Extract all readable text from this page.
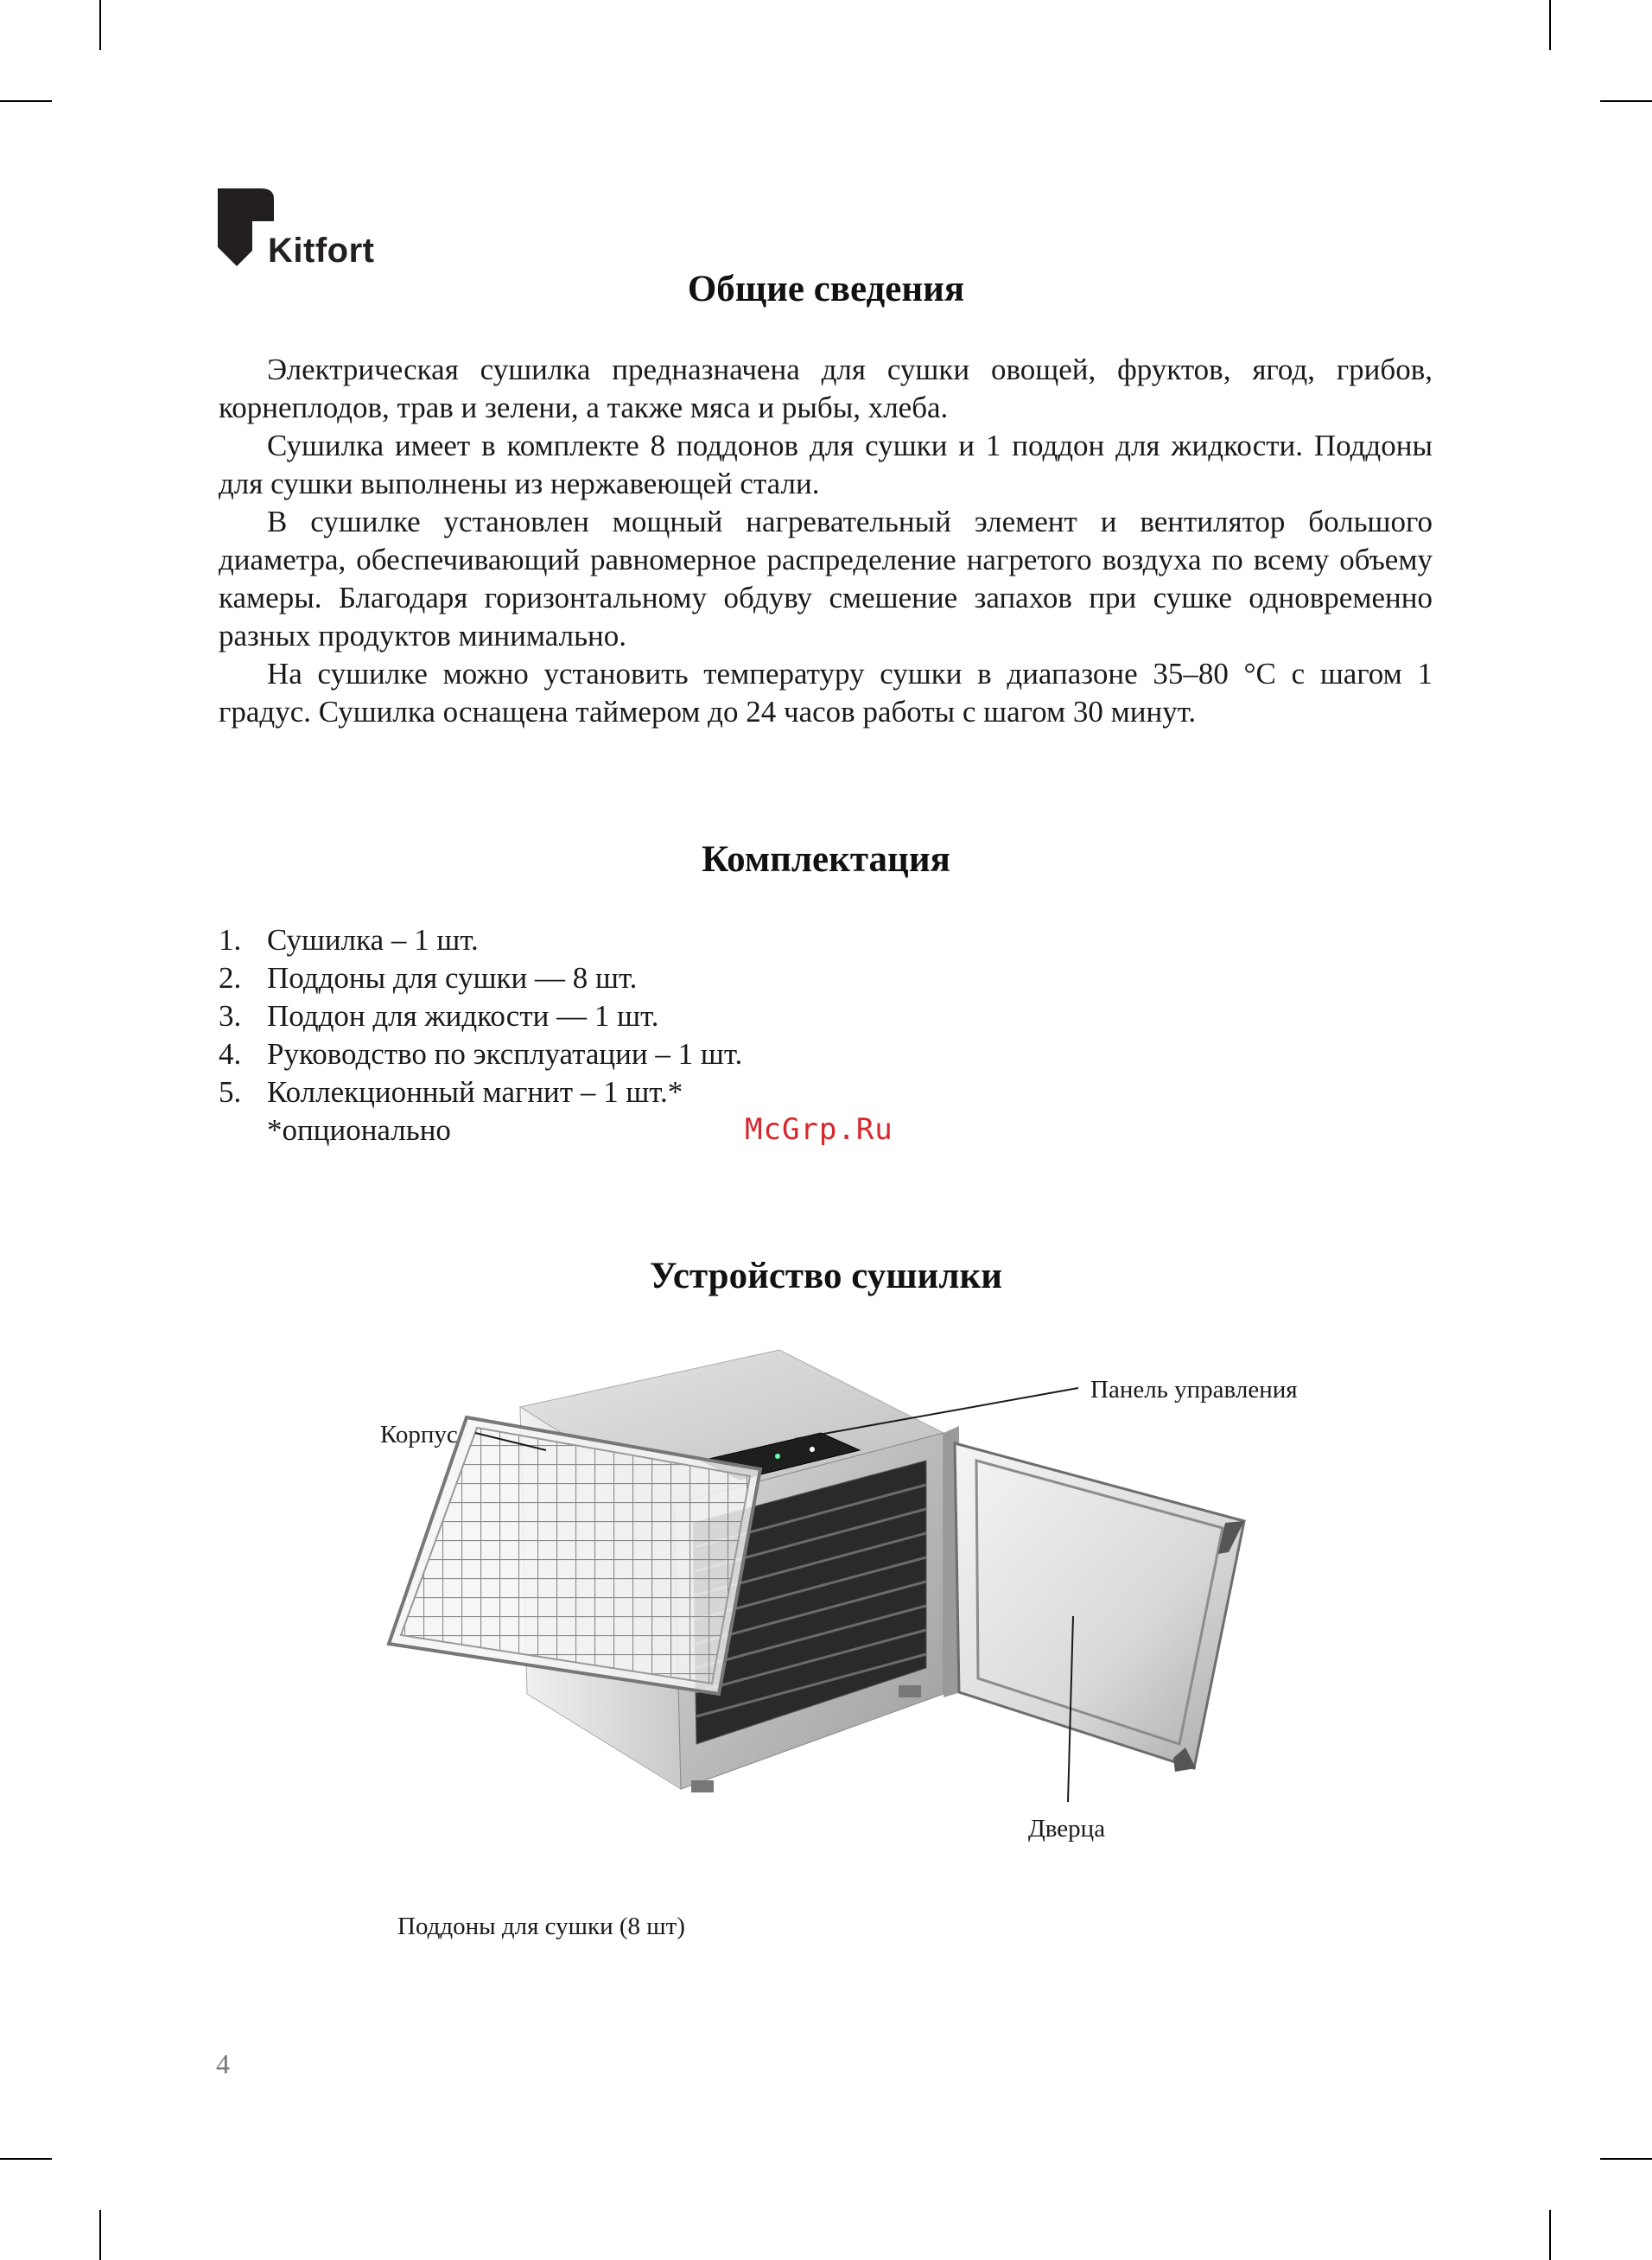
Kitfort
Общие сведения

Электрическая сушилка предназначена для сушки овощей, фруктов, ягод, грибов, корнеплодов, трав и зелени, а также мяса и рыбы, хлеба.

Сушилка имеет в комплекте 8 поддонов для сушки и 1 поддон для жидкости. Поддоны для сушки выполнены из нержавеющей стали.

В сушилке установлен мощный нагревательный элемент и вентилятор большого диаметра, обеспечивающий равномерное распределение нагретого воздуха по всему объему камеры. Благодаря горизонтальному обдуву смешение запахов при сушке одновременно разных продуктов минимально.

На сушилке можно установить температуру сушки в диапазоне 35–80 °С с шагом 1 градус. Сушилка оснащена таймером до 24 часов работы с шагом 30 минут.

Комплектация
1. Сушилка – 1 шт.
2. Поддоны для сушки — 8 шт.
3. Поддон для жидкости — 1 шт.
4. Руководство по эксплуатации – 1 шт.
5. Коллекционный магнит – 1 шт.*

*опционально	McGrp.Ru
Устройство сушилки
Панель управления
Корпус
Дверца
Поддоны для сушки (8 шт)
4
